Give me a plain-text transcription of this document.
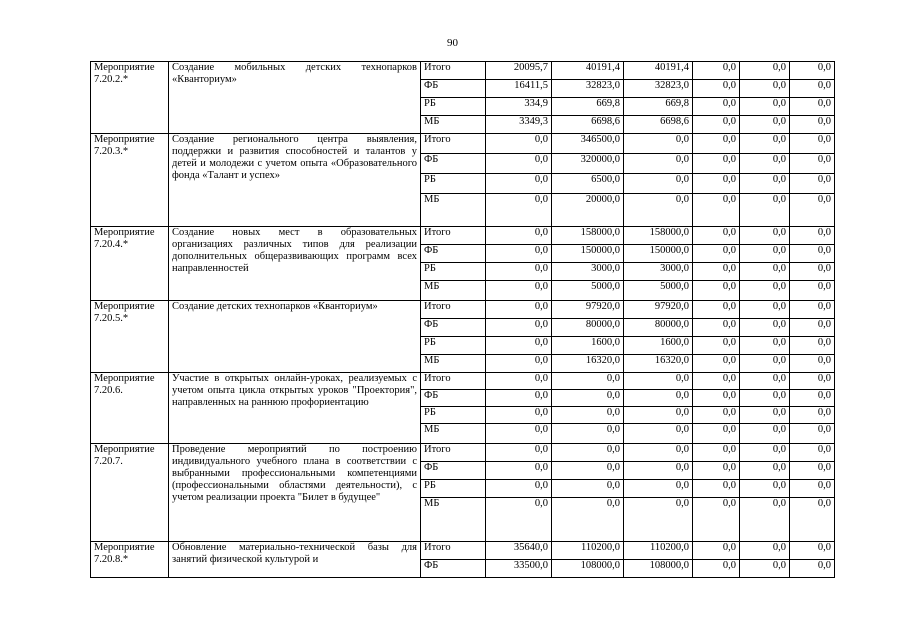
90
Мероприятие 7.20.2.*	Создание мобильных детских технопарков «Кванториум»	Итого	20095,7	40191,4	40191,4	0,0	0,0	0,0
		ФБ	16411,5	32823,0	32823,0	0,0	0,0	0,0
		РБ	334,9	669,8	669,8	0,0	0,0	0,0
		МБ	3349,3	6698,6	6698,6	0,0	0,0	0,0
Мероприятие 7.20.3.*	Создание регионального центра выявления, поддержки и развития способностей и талантов у детей и молодежи с учетом опыта «Образовательного фонда «Талант и успех»	Итого	0,0	346500,0	0,0	0,0	0,0	0,0
		ФБ	0,0	320000,0	0,0	0,0	0,0	0,0
		РБ	0,0	6500,0	0,0	0,0	0,0	0,0
		МБ	0,0	20000,0	0,0	0,0	0,0	0,0
Мероприятие 7.20.4.*	Создание новых мест в образовательных организациях различных типов для реализации дополнительных общеразвивающих программ всех направленностей	Итого	0,0	158000,0	158000,0	0,0	0,0	0,0
		ФБ	0,0	150000,0	150000,0	0,0	0,0	0,0
		РБ	0,0	3000,0	3000,0	0,0	0,0	0,0
		МБ	0,0	5000,0	5000,0	0,0	0,0	0,0
Мероприятие 7.20.5.*	Создание детских технопарков «Кванториум»	Итого	0,0	97920,0	97920,0	0,0	0,0	0,0
		ФБ	0,0	80000,0	80000,0	0,0	0,0	0,0
		РБ	0,0	1600,0	1600,0	0,0	0,0	0,0
		МБ	0,0	16320,0	16320,0	0,0	0,0	0,0
Мероприятие 7.20.6.	Участие в открытых онлайн-уроках, реализуемых с учетом опыта цикла открытых уроков "Проектория", направленных на раннюю профориентацию	Итого	0,0	0,0	0,0	0,0	0,0	0,0
		ФБ	0,0	0,0	0,0	0,0	0,0	0,0
		РБ	0,0	0,0	0,0	0,0	0,0	0,0
		МБ	0,0	0,0	0,0	0,0	0,0	0,0
Мероприятие 7.20.7.	Проведение мероприятий по построению индивидуального учебного плана в соответствии с выбранными профессиональными компетенциями (профессиональными областями деятельности), с учетом реализации проекта "Билет в будущее"	Итого	0,0	0,0	0,0	0,0	0,0	0,0
		ФБ	0,0	0,0	0,0	0,0	0,0	0,0
		РБ	0,0	0,0	0,0	0,0	0,0	0,0
		МБ	0,0	0,0	0,0	0,0	0,0	0,0
Мероприятие 7.20.8.*	Обновление материально-технической базы для занятий физической культурой и	Итого	35640,0	110200,0	110200,0	0,0	0,0	0,0
		ФБ	33500,0	108000,0	108000,0	0,0	0,0	0,0
